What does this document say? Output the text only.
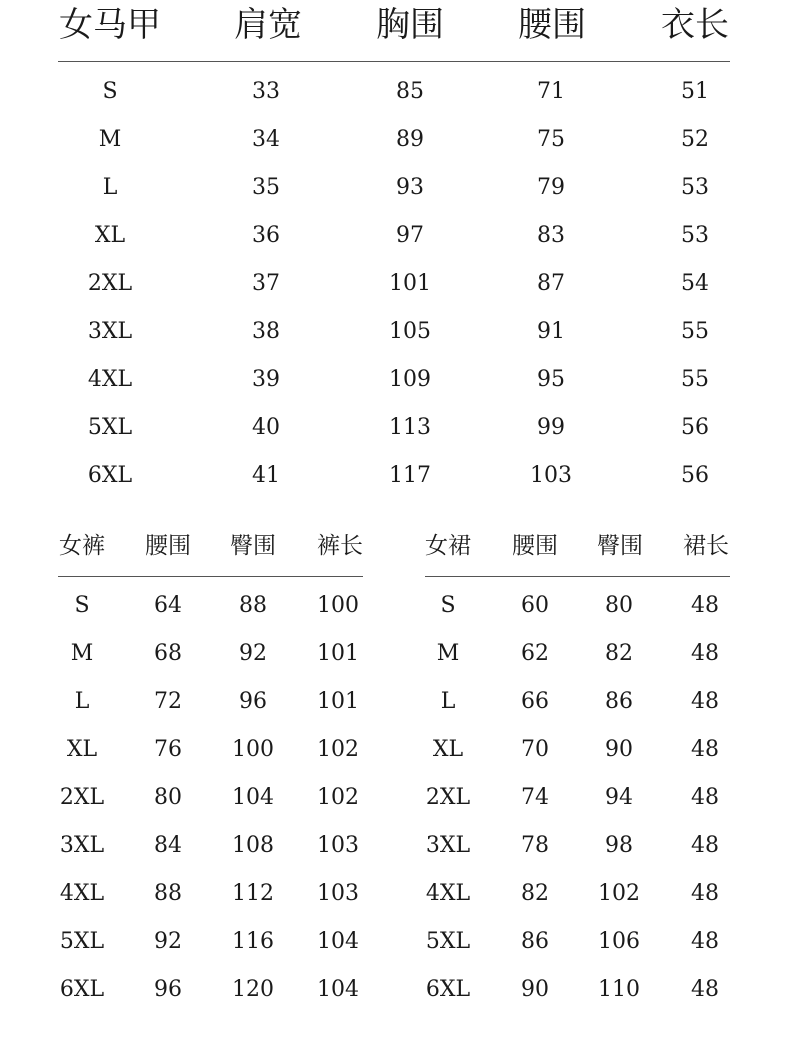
女马甲 肩宽 胸围 腰围 衣长
S	33	85	71	51
M	34	89	75	52
L	35	93	79	53
XL	36	97	83	53
2XL	37	101	87	54
3XL	38	105	91	55
4XL	39	109	95	55
5XL	40	113	99	56
6XL	41	117	103	56
女裤 腰围 臀围 裤长
S	64	88 100
M	68	92 101
L	72	96 101
XL	76 100 102
2XL 80 104 102
3XL 84 108 103
4XL 88 112 103
5XL 92 116 104
6XL 96 120 104
女裙 腰围 臀围 裙长
S	60	80	48
M	62	82	48
L	66	86	48
XL	70	90	48
2XL 74	94	48
3XL 78	98	48
4XL 82 102 48
5XL 86 106 48
6XL 90 110 48
